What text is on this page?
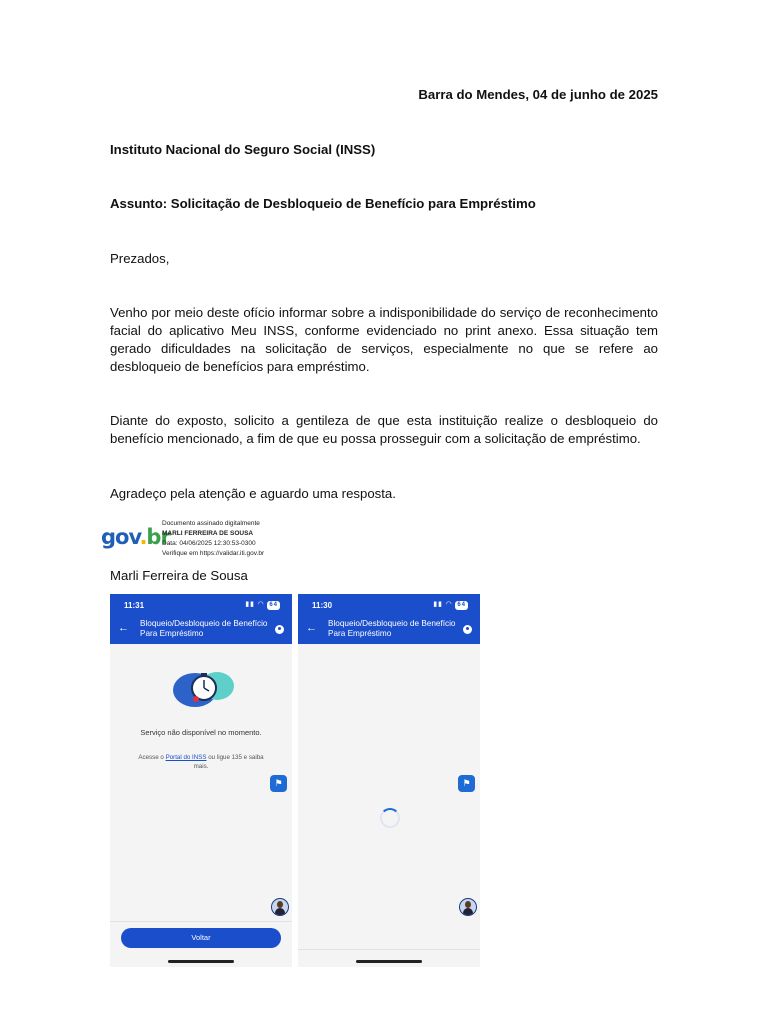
Barra do Mendes, 04 de junho de 2025

Instituto Nacional do Seguro Social (INSS)

Assunto: Solicitação de Desbloqueio de Benefício para Empréstimo

Prezados,

Venho por meio deste ofício informar sobre a indisponibilidade do serviço de reconhecimento facial do aplicativo Meu INSS, conforme evidenciado no print anexo. Essa situação tem gerado dificuldades na solicitação de serviços, especialmente no que se refere ao desbloqueio de benefícios para empréstimo.

Diante do exposto, solicito a gentileza de que esta instituição realize o desbloqueio do benefício mencionado, a fim de que eu possa prosseguir com a solicitação de empréstimo.

Agradeço pela atenção e aguardo uma resposta.

gov.br
Documento assinado digitalmente
MARLI FERREIRA DE SOUSA
Data: 04/06/2025 12:30:53-0300
Verifique em https://validar.iti.gov.br
Marli Ferreira de Sousa
11:31	▮▮ ◠ 64
← Bloqueio/Desbloqueio de Benefício Para Empréstimo
Serviço não disponível no momento.
Acesse o Portal do INSS ou ligue 135 e saiba mais.
⚑
Voltar
11:30	▮▮ ◠ 64
← Bloqueio/Desbloqueio de Benefício Para Empréstimo
⚑
